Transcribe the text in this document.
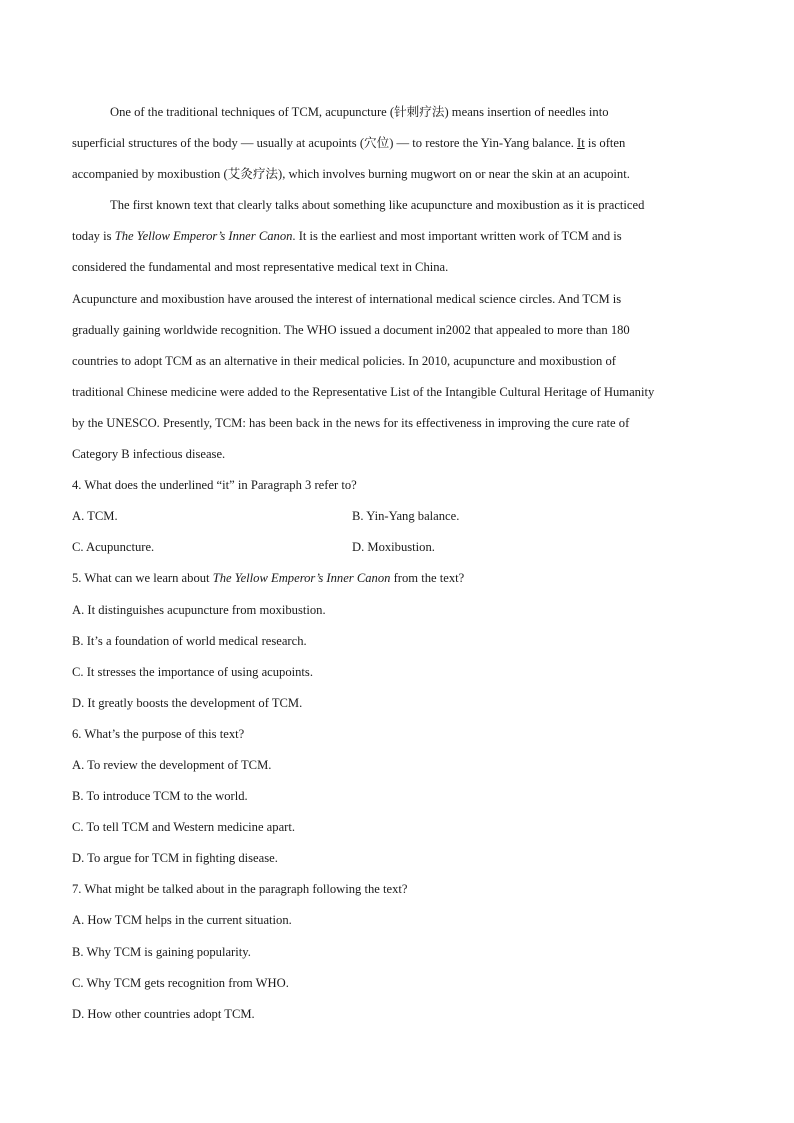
One of the traditional techniques of TCM, acupuncture (针刺疗法) means insertion of needles into
superficial structures of the body — usually at acupoints (穴位) — to restore the Yin-Yang balance. It is often
accompanied by moxibustion (艾灸疗法), which involves burning mugwort on or near the skin at an acupoint.
The first known text that clearly talks about something like acupuncture and moxibustion as it is practiced
today is The Yellow Emperor’s Inner Canon. It is the earliest and most important written work of TCM and is
considered the fundamental and most representative medical text in China.
Acupuncture and moxibustion have aroused the interest of international medical science circles. And TCM is
gradually gaining worldwide recognition. The WHO issued a document in2002 that appealed to more than 180
countries to adopt TCM as an alternative in their medical policies. In 2010, acupuncture and moxibustion of
traditional Chinese medicine were added to the Representative List of the Intangible Cultural Heritage of Humanity
by the UNESCO. Presently, TCM: has been back in the news for its effectiveness in improving the cure rate of
Category B infectious disease.
4. What does the underlined “it” in Paragraph 3 refer to?
A. TCM.	B. Yin-Yang balance.
C. Acupuncture.	D. Moxibustion.
5. What can we learn about The Yellow Emperor’s Inner Canon from the text?
A. It distinguishes acupuncture from moxibustion.
B. It’s a foundation of world medical research.
C. It stresses the importance of using acupoints.
D. It greatly boosts the development of TCM.
6. What’s the purpose of this text?
A. To review the development of TCM.
B. To introduce TCM to the world.
C. To tell TCM and Western medicine apart.
D. To argue for TCM in fighting disease.
7. What might be talked about in the paragraph following the text?
A. How TCM helps in the current situation.
B. Why TCM is gaining popularity.
C. Why TCM gets recognition from WHO.
D. How other countries adopt TCM.
